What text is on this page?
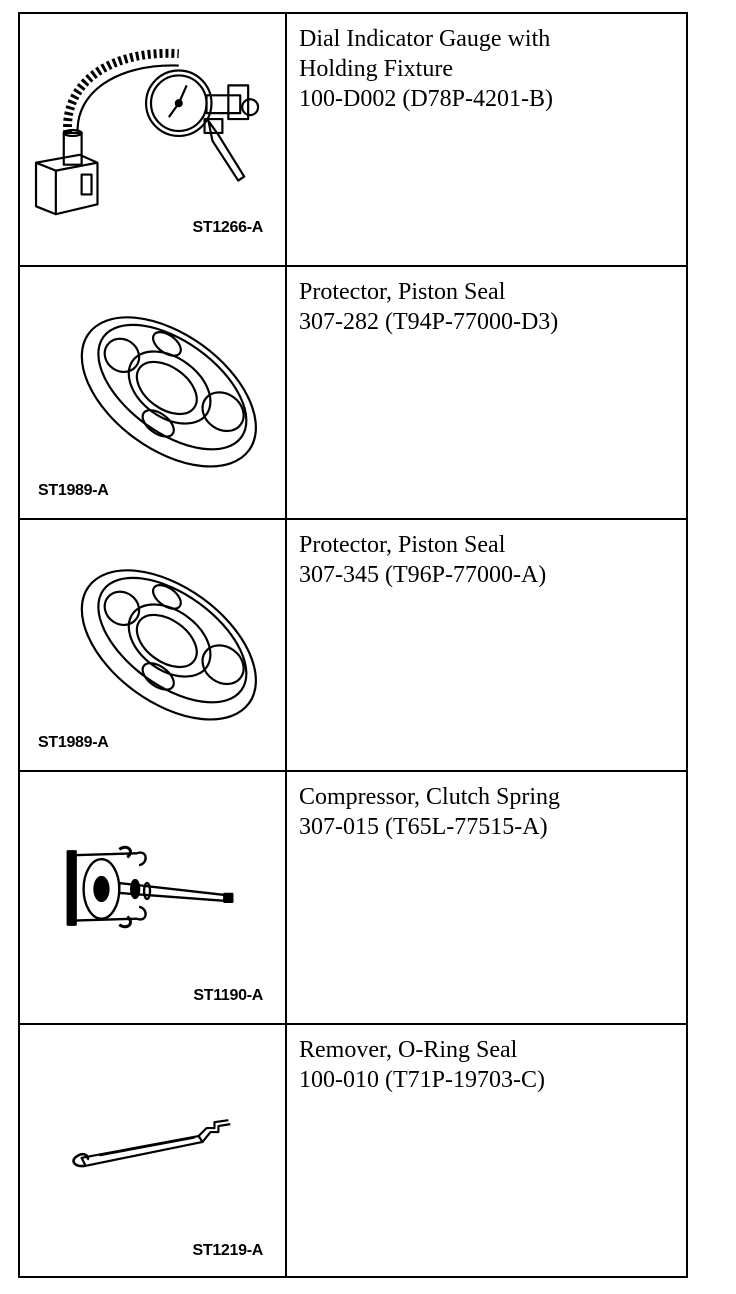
ST1266-A
Dial Indicator Gauge with
Holding Fixture
100-D002 (D78P-4201-B)
ST1989-A
Protector, Piston Seal
307-282 (T94P-77000-D3)
ST1989-A
Protector, Piston Seal
307-345 (T96P-77000-A)
ST1190-A
Compressor, Clutch Spring
307-015 (T65L-77515-A)
ST1219-A
Remover, O-Ring Seal
100-010 (T71P-19703-C)
